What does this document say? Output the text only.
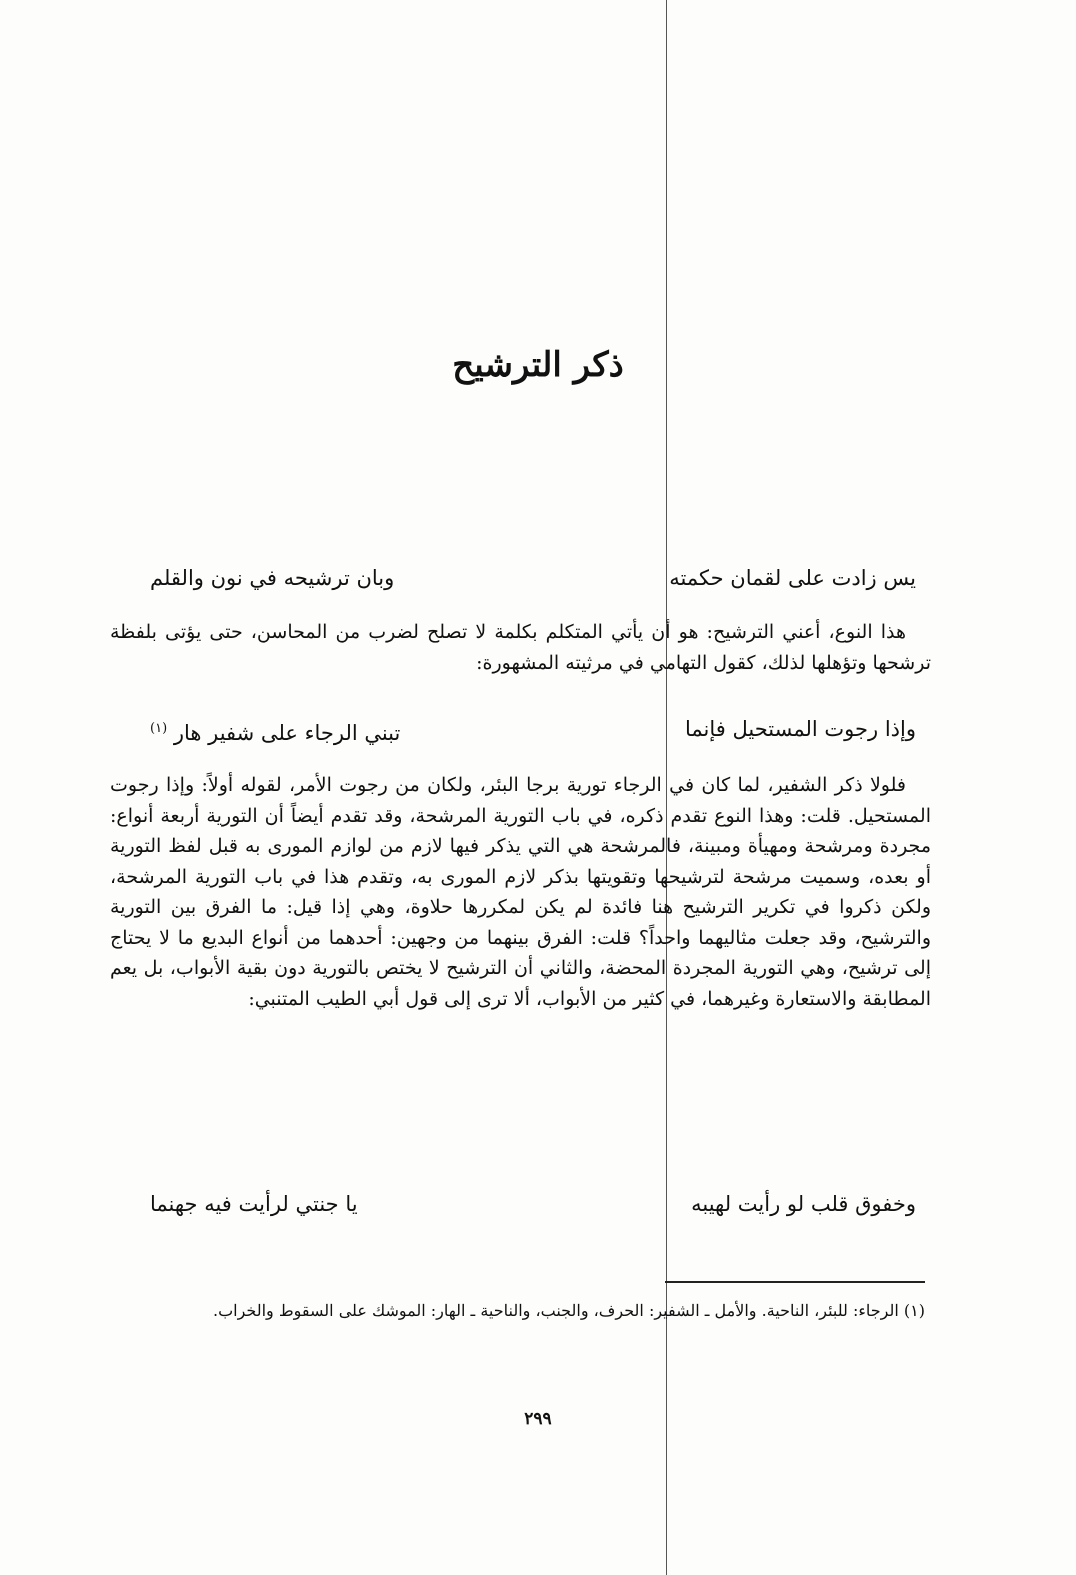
ذكر الترشيح
يس زادت على لقمان حكمته
وبان ترشيحه في نون والقلم

هذا النوع، أعني الترشيح: هو أن يأتي المتكلم بكلمة لا تصلح لضرب من المحاسن، حتى يؤتى بلفظة ترشحها وتؤهلها لذلك، كقول التهامي في مرثيته المشهورة:

وإذا رجوت المستحيل فإنما
تبني الرجاء على شفير هار $^{(١)}$

فلولا ذكر الشفير، لما كان في الرجاء تورية برجا البئر، ولكان من رجوت الأمر، لقوله أولاً: وإذا رجوت المستحيل. قلت: وهذا النوع تقدم ذكره، في باب التورية المرشحة، وقد تقدم أيضاً أن التورية أربعة أنواع: مجردة ومرشحة ومهيأة ومبينة، فالمرشحة هي التي يذكر فيها لازم من لوازم المورى به قبل لفظ التورية أو بعده، وسميت مرشحة لترشيحها وتقويتها بذكر لازم المورى به، وتقدم هذا في باب التورية المرشحة، ولكن ذكروا في تكرير الترشيح هنا فائدة لم يكن لمكررها حلاوة، وهي إذا قيل: ما الفرق بين التورية والترشيح، وقد جعلت مثاليهما واحداً؟ قلت: الفرق بينهما من وجهين: أحدهما من أنواع البديع ما لا يحتاج إلى ترشيح، وهي التورية المجردة المحضة، والثاني أن الترشيح لا يختص بالتورية دون بقية الأبواب، بل يعم المطابقة والاستعارة وغيرهما، في كثير من الأبواب، ألا ترى إلى قول أبي الطيب المتنبي:

وخفوق قلب لو رأيت لهيبه
يا جنتي لرأيت فيه جهنما

(١) الرجاء: للبئر، الناحية. والأمل ـ الشفير: الحرف، والجنب، والناحية ـ الهار: الموشك على السقوط والخراب.

٢٩٩
